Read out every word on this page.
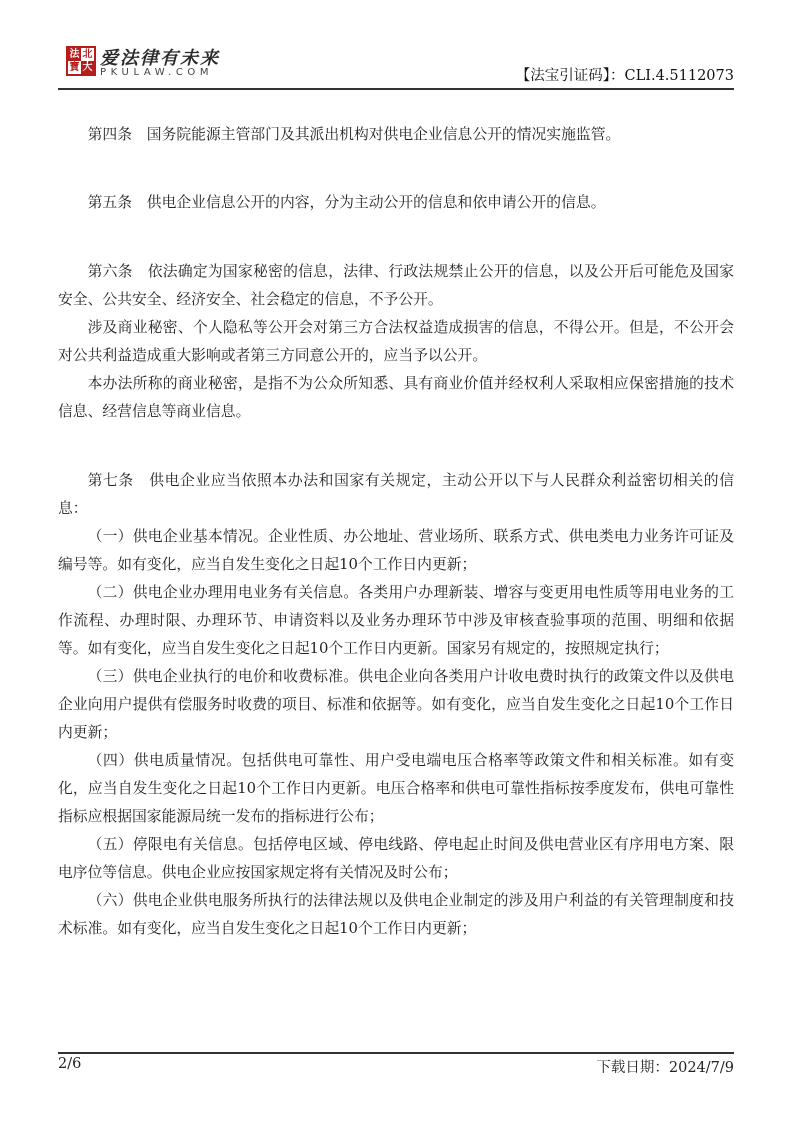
法 北
寶 大 爱法律有未来
PKULAW.COM	【法宝引证码】：CLI.4.5112073

第四条　国务院能源主管部门及其派出机构对供电企业信息公开的情况实施监管。

第五条　供电企业信息公开的内容，分为主动公开的信息和依申请公开的信息。

第六条　依法确定为国家秘密的信息，法律、行政法规禁止公开的信息，以及公开后可能危及国家安全、公共安全、经济安全、社会稳定的信息，不予公开。

涉及商业秘密、个人隐私等公开会对第三方合法权益造成损害的信息，不得公开。但是，不公开会对公共利益造成重大影响或者第三方同意公开的，应当予以公开。

本办法所称的商业秘密，是指不为公众所知悉、具有商业价值并经权利人采取相应保密措施的技术信息、经营信息等商业信息。

第七条　供电企业应当依照本办法和国家有关规定，主动公开以下与人民群众利益密切相关的信息：

（一）供电企业基本情况。企业性质、办公地址、营业场所、联系方式、供电类电力业务许可证及编号等。如有变化，应当自发生变化之日起10个工作日内更新；

（二）供电企业办理用电业务有关信息。各类用户办理新装、增容与变更用电性质等用电业务的工作流程、办理时限、办理环节、申请资料以及业务办理环节中涉及审核查验事项的范围、明细和依据等。如有变化，应当自发生变化之日起10个工作日内更新。国家另有规定的，按照规定执行；

（三）供电企业执行的电价和收费标准。供电企业向各类用户计收电费时执行的政策文件以及供电企业向用户提供有偿服务时收费的项目、标准和依据等。如有变化，应当自发生变化之日起10个工作日内更新；

（四）供电质量情况。包括供电可靠性、用户受电端电压合格率等政策文件和相关标准。如有变化，应当自发生变化之日起10个工作日内更新。电压合格率和供电可靠性指标按季度发布，供电可靠性指标应根据国家能源局统一发布的指标进行公布；

（五）停限电有关信息。包括停电区域、停电线路、停电起止时间及供电营业区有序用电方案、限电序位等信息。供电企业应按国家规定将有关情况及时公布；

（六）供电企业供电服务所执行的法律法规以及供电企业制定的涉及用户利益的有关管理制度和技术标准。如有变化，应当自发生变化之日起10个工作日内更新；

2/6	下载日期：2024/7/9
